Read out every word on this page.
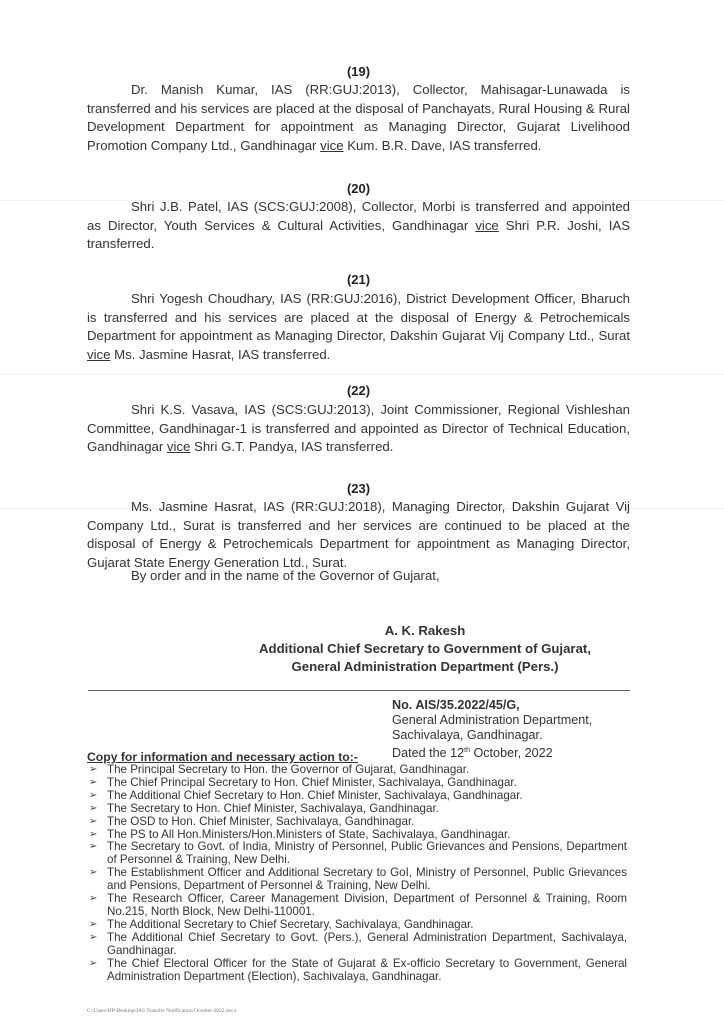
(19)

Dr. Manish Kumar, IAS (RR:GUJ:2013), Collector, Mahisagar-Lunawada is transferred and his services are placed at the disposal of Panchayats, Rural Housing & Rural Development Department for appointment as Managing Director, Gujarat Livelihood Promotion Company Ltd., Gandhinagar vice Kum. B.R. Dave, IAS transferred.

(20)

Shri J.B. Patel, IAS (SCS:GUJ:2008), Collector, Morbi is transferred and appointed as Director, Youth Services & Cultural Activities, Gandhinagar vice Shri P.R. Joshi, IAS transferred.

(21)

Shri Yogesh Choudhary, IAS (RR:GUJ:2016), District Development Officer, Bharuch is transferred and his services are placed at the disposal of Energy & Petrochemicals Department for appointment as Managing Director, Dakshin Gujarat Vij Company Ltd., Surat vice Ms. Jasmine Hasrat, IAS transferred.

(22)

Shri K.S. Vasava, IAS (SCS:GUJ:2013), Joint Commissioner, Regional Vishleshan Committee, Gandhinagar-1 is transferred and appointed as Director of Technical Education, Gandhinagar vice Shri G.T. Pandya, IAS transferred.

(23)

Ms. Jasmine Hasrat, IAS (RR:GUJ:2018), Managing Director, Dakshin Gujarat Vij Company Ltd., Surat is transferred and her services are continued to be placed at the disposal of Energy & Petrochemicals Department for appointment as Managing Director, Gujarat State Energy Generation Ltd., Surat.

By order and in the name of the Governor of Gujarat,
A. K. Rakesh
Additional Chief Secretary to Government of Gujarat,
General Administration Department (Pers.)
No. AIS/35.2022/45/G,
General Administration Department,
Sachivalaya, Gandhinagar.
Dated the 12th October, 2022
Copy for information and necessary action to:-
➢ The Principal Secretary to Hon. the Governor of Gujarat, Gandhinagar.
➢ The Chief Principal Secretary to Hon. Chief Minister, Sachivalaya, Gandhinagar.
➢ The Additional Chief Secretary to Hon. Chief Minister, Sachivalaya, Gandhinagar.
➢ The Secretary to Hon. Chief Minister, Sachivalaya, Gandhinagar.
➢ The OSD to Hon. Chief Minister, Sachivalaya, Gandhinagar.
➢ The PS to All Hon.Ministers/Hon.Ministers of State, Sachivalaya, Gandhinagar.
➢ The Secretary to Govt. of India, Ministry of Personnel, Public Grievances and Pensions, Department of Personnel & Training, New Delhi.
➢ The Establishment Officer and Additional Secretary to GoI, Ministry of Personnel, Public Grievances and Pensions, Department of Personnel & Training, New Delhi.
➢ The Research Officer, Career Management Division, Department of Personnel & Training, Room No.215, North Block, New Delhi-110001.
➢ The Additional Secretary to Chief Secretary, Sachivalaya, Gandhinagar.
➢ The Additional Chief Secretary to Govt. (Pers.), General Administration Department, Sachivalaya, Gandhinagar.
➢ The Chief Electoral Officer for the State of Gujarat & Ex-officio Secretary to Government, General Administration Department (Election), Sachivalaya, Gandhinagar.
C:\Users\HP\Desktop\IAS Transfer Notification October-2022.docx
